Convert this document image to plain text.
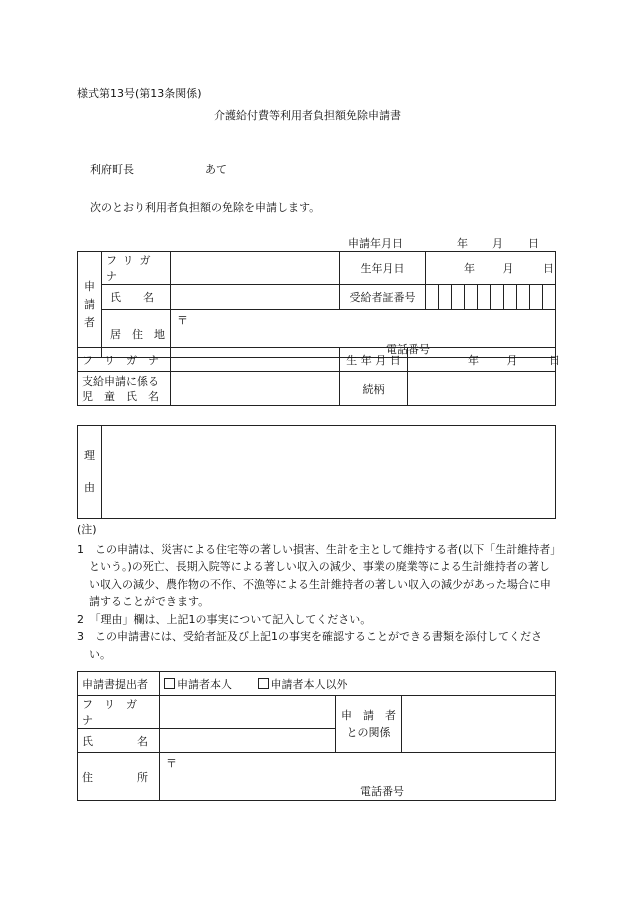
様式第13号(第13条関係)
介護給付費等利用者負担額免除申請書
利府町長	あて
次のとおり利用者負担額の免除を申請します。
申請年月日	年 月 日
申
請
者	フリガナ		生年月日	年 月 日
	氏　　名		受給者証番号	

	居　住　地	〒
電話番号		
フ　リ　ガ　ナ		生 年 月 日	年 月 日

支給申請に係る
児　童　氏　名		続柄	
理
由

(注)

1　この申請は、災害による住宅等の著しい損害、生計を主として維持する者(以下「生計維持者」という。)の死亡、長期入院等による著しい収入の減少、事業の廃業等による生計維持者の著しい収入の減少、農作物の不作、不漁等による生計維持者の著しい収入の減少があった場合に申請することができます。

2　「理由」欄は、上記1の事実について記入してください。

3　この申請書には、受給者証及び上記1の事実を確認することができる書類を添付してください。

申請書提出者	申請者本人 申請者本人以外		
フ　リ　ガ　ナ		申　請　者
との関係	

氏　　　　名			
住　　　　所	〒
電話番号		
